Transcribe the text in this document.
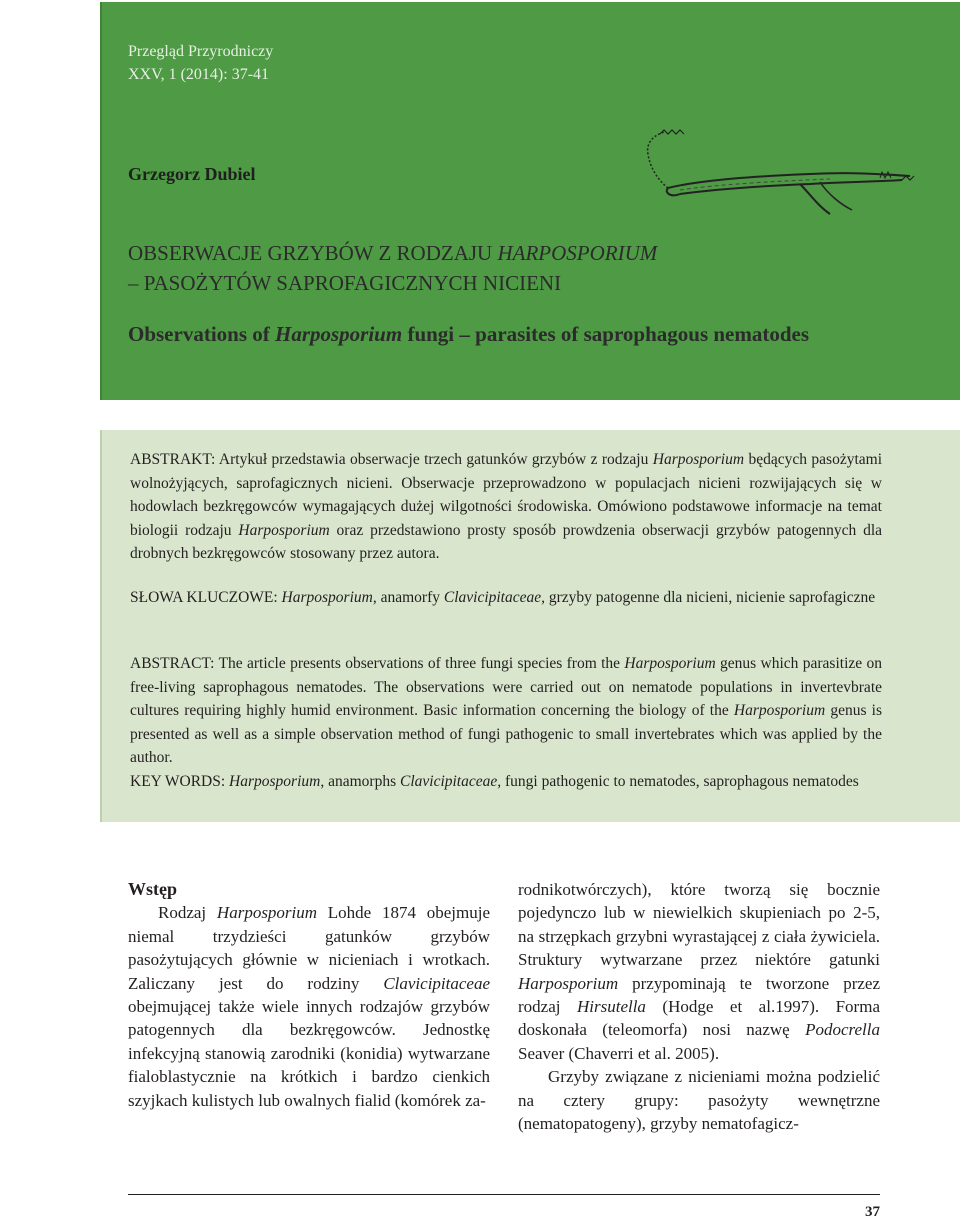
Przegląd Przyrodniczy
XXV, 1 (2014): 37-41
Grzegorz Dubiel
OBSERWACJE GRZYBÓW Z RODZAJU HARPOSPORIUM
– PASOŻYTÓW SAPROFAGICZNYCH NICIENI
Observations of Harposporium fungi – parasites of saprophagous nematodes

ABSTRAKT: Artykuł przedstawia obserwacje trzech gatunków grzybów z rodzaju Harposporium będących pasożytami wolnożyjących, saprofagicznych nicieni. Obserwacje przeprowadzono w populacjach nicieni rozwijających się w hodowlach bezkręgowców wymagających dużej wilgotności środowiska. Omówiono podstawowe informacje na temat biologii rodzaju Harposporium oraz przedstawiono prosty sposób prowdzenia obserwacji grzybów patogennych dla drobnych bezkręgowców stosowany przez autora.

SŁOWA KLUCZOWE: Harposporium, anamorfy Clavicipitaceae, grzyby patogenne dla nicieni, nicienie saprofagiczne

ABSTRACT: The article presents observations of three fungi species from the Harposporium genus which parasitize on free-living saprophagous nematodes. The observations were carried out on nematode populations in invertevbrate cultures requiring highly humid environment. Basic information concerning the biology of the Harposporium genus is presented as well as a simple observation method of fungi pathogenic to small invertebrates which was applied by the author.

KEY WORDS: Harposporium, anamorphs Clavicipitaceae, fungi pathogenic to nematodes, saprophagous nematodes

Wstęp

Rodzaj Harposporium Lohde 1874 obejmuje niemal trzydzieści gatunków grzybów pasożytujących głównie w nicieniach i wrotkach. Zaliczany jest do rodziny Clavicipitaceae obejmującej także wiele innych rodzajów grzybów patogennych dla bezkręgowców. Jednostkę infekcyjną stanowią zarodniki (konidia) wytwarzane fialoblastycznie na krótkich i bardzo cienkich szyjkach kulistych lub owalnych fialid (komórek za-

rodnikotwórczych), które tworzą się bocznie pojedynczo lub w niewielkich skupieniach po 2-5, na strzępkach grzybni wyrastającej z ciała żywiciela. Struktury wytwarzane przez niektóre gatunki Harposporium przypominają te tworzone przez rodzaj Hirsutella (Hodge et al.1997). Forma doskonała (teleomorfa) nosi nazwę Podocrella Seaver (Chaverri et al. 2005).

Grzyby związane z nicieniami można podzielić na cztery grupy: pasożyty wewnętrzne (nematopatogeny), grzyby nematofagicz-

37
